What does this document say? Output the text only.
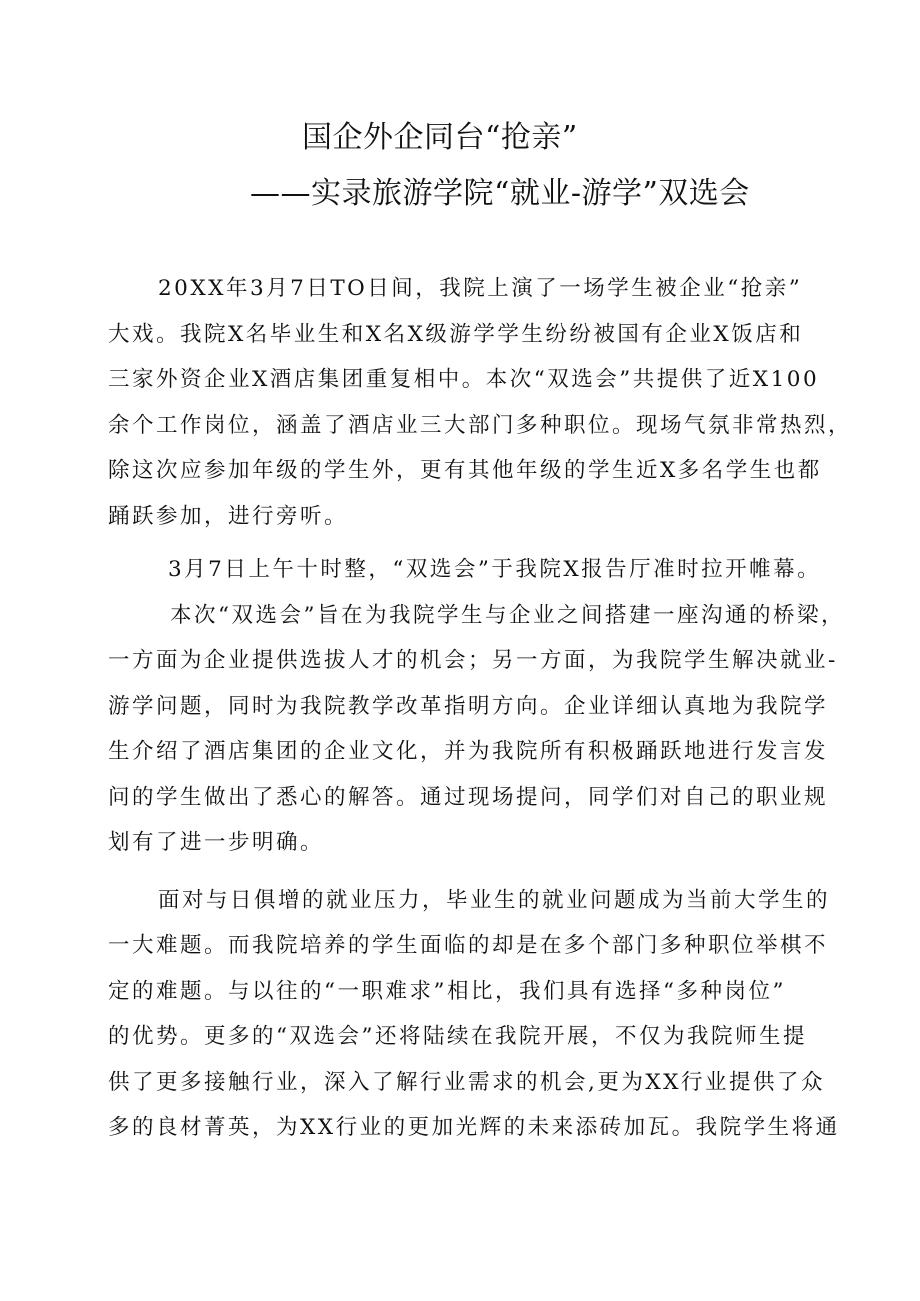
国企外企同台“抢亲”
——实录旅游学院“就业-游学”双选会

20XX年3月7日TO日间，我院上演了一场学生被企业“抢亲”
大戏。我院X名毕业生和X名X级游学学生纷纷被国有企业X饭店和
三家外资企业X酒店集团重复相中。本次“双选会”共提供了近X100
余个工作岗位，涵盖了酒店业三大部门多种职位。现场气氛非常热烈，
除这次应参加年级的学生外，更有其他年级的学生近X多名学生也都
踊跃参加，进行旁听。

3月7日上午十时整，“双选会”于我院X报告厅准时拉开帷幕。

本次“双选会”旨在为我院学生与企业之间搭建一座沟通的桥梁，
一方面为企业提供选拔人才的机会；另一方面，为我院学生解决就业-
游学问题，同时为我院教学改革指明方向。企业详细认真地为我院学
生介绍了酒店集团的企业文化，并为我院所有积极踊跃地进行发言发
问的学生做出了悉心的解答。通过现场提问，同学们对自己的职业规
划有了进一步明确。

面对与日俱增的就业压力，毕业生的就业问题成为当前大学生的
一大难题。而我院培养的学生面临的却是在多个部门多种职位举棋不
定的难题。与以往的“一职难求”相比，我们具有选择“多种岗位”
的优势。更多的“双选会”还将陆续在我院开展，不仅为我院师生提
供了更多接触行业，深入了解行业需求的机会,更为XX行业提供了众
多的良材菁英，为XX行业的更加光辉的未来添砖加瓦。我院学生将通
